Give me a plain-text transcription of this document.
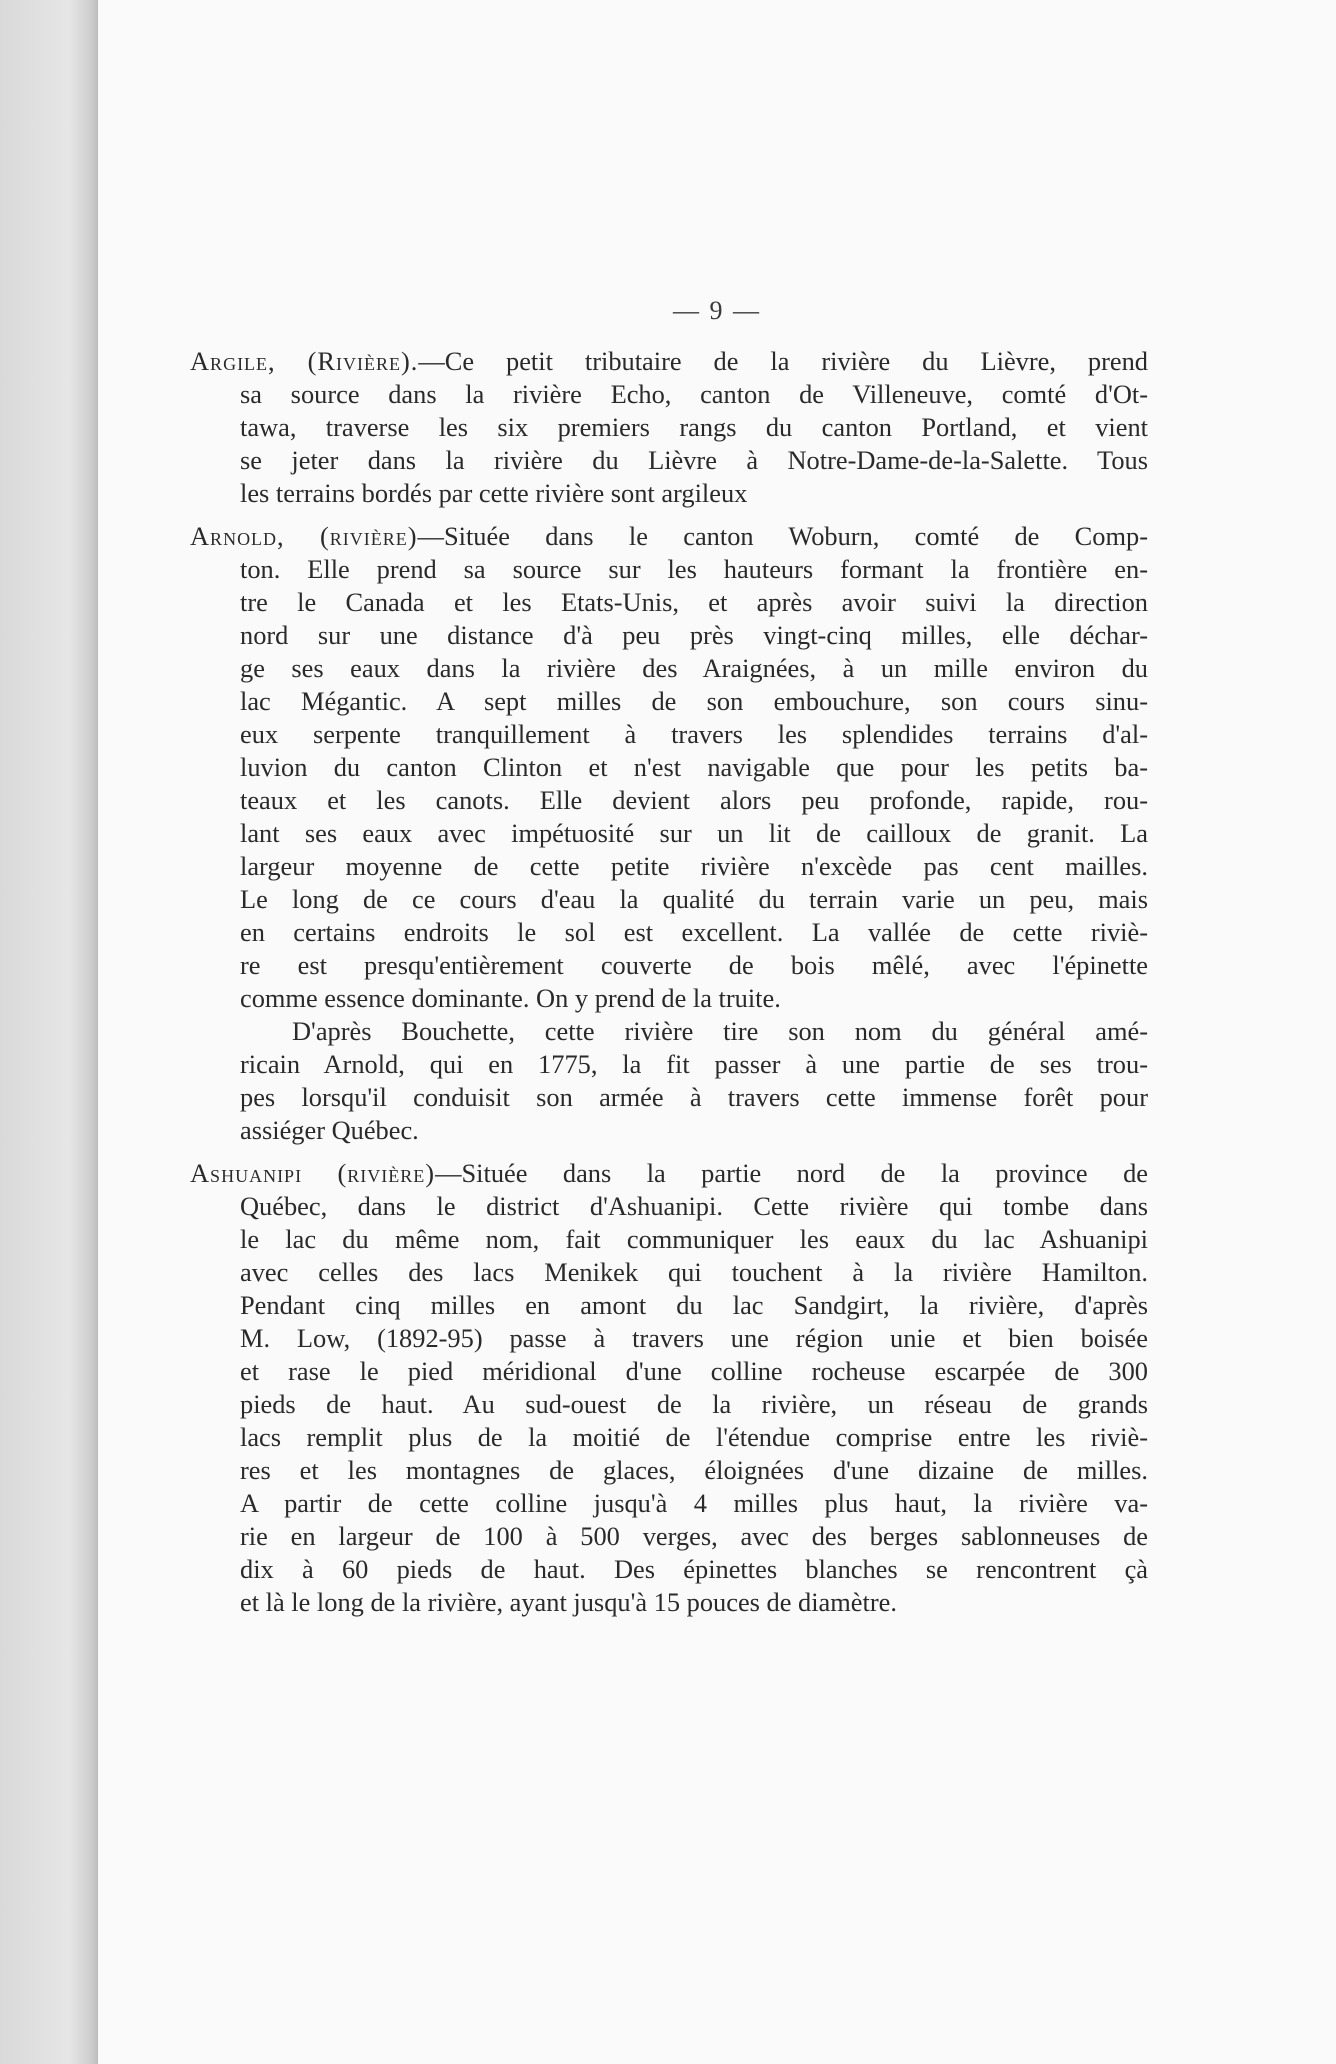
— 9 —
Argile, (Rivière).—Ce petit tributaire de la rivière du Lièvre, prend
sa source dans la rivière Echo, canton de Villeneuve, comté d'Ot-
tawa, traverse les six premiers rangs du canton Portland, et vient
se jeter dans la rivière du Lièvre à Notre-Dame-de-la-Salette. Tous
les terrains bordés par cette rivière sont argileux
Arnold, (rivière)—Située dans le canton Woburn, comté de Comp-
ton. Elle prend sa source sur les hauteurs formant la frontière en-
tre le Canada et les Etats-Unis, et après avoir suivi la direction
nord sur une distance d'à peu près vingt-cinq milles, elle déchar-
ge ses eaux dans la rivière des Araignées, à un mille environ du
lac Mégantic. A sept milles de son embouchure, son cours sinu-
eux serpente tranquillement à travers les splendides terrains d'al-
luvion du canton Clinton et n'est navigable que pour les petits ba-
teaux et les canots. Elle devient alors peu profonde, rapide, rou-
lant ses eaux avec impétuosité sur un lit de cailloux de granit. La
largeur moyenne de cette petite rivière n'excède pas cent mailles.
Le long de ce cours d'eau la qualité du terrain varie un peu, mais
en certains endroits le sol est excellent. La vallée de cette riviè-
re est presqu'entièrement couverte de bois mêlé, avec l'épinette
comme essence dominante. On y prend de la truite.
D'après Bouchette, cette rivière tire son nom du général amé-
ricain Arnold, qui en 1775, la fit passer à une partie de ses trou-
pes lorsqu'il conduisit son armée à travers cette immense forêt pour
assiéger Québec.
Ashuanipi (rivière)—Située dans la partie nord de la province de
Québec, dans le district d'Ashuanipi. Cette rivière qui tombe dans
le lac du même nom, fait communiquer les eaux du lac Ashuanipi
avec celles des lacs Menikek qui touchent à la rivière Hamilton.
Pendant cinq milles en amont du lac Sandgirt, la rivière, d'après
M. Low, (1892-95) passe à travers une région unie et bien boisée
et rase le pied méridional d'une colline rocheuse escarpée de 300
pieds de haut. Au sud-ouest de la rivière, un réseau de grands
lacs remplit plus de la moitié de l'étendue comprise entre les riviè-
res et les montagnes de glaces, éloignées d'une dizaine de milles.
A partir de cette colline jusqu'à 4 milles plus haut, la rivière va-
rie en largeur de 100 à 500 verges, avec des berges sablonneuses de
dix à 60 pieds de haut. Des épinettes blanches se rencontrent çà
et là le long de la rivière, ayant jusqu'à 15 pouces de diamètre.
